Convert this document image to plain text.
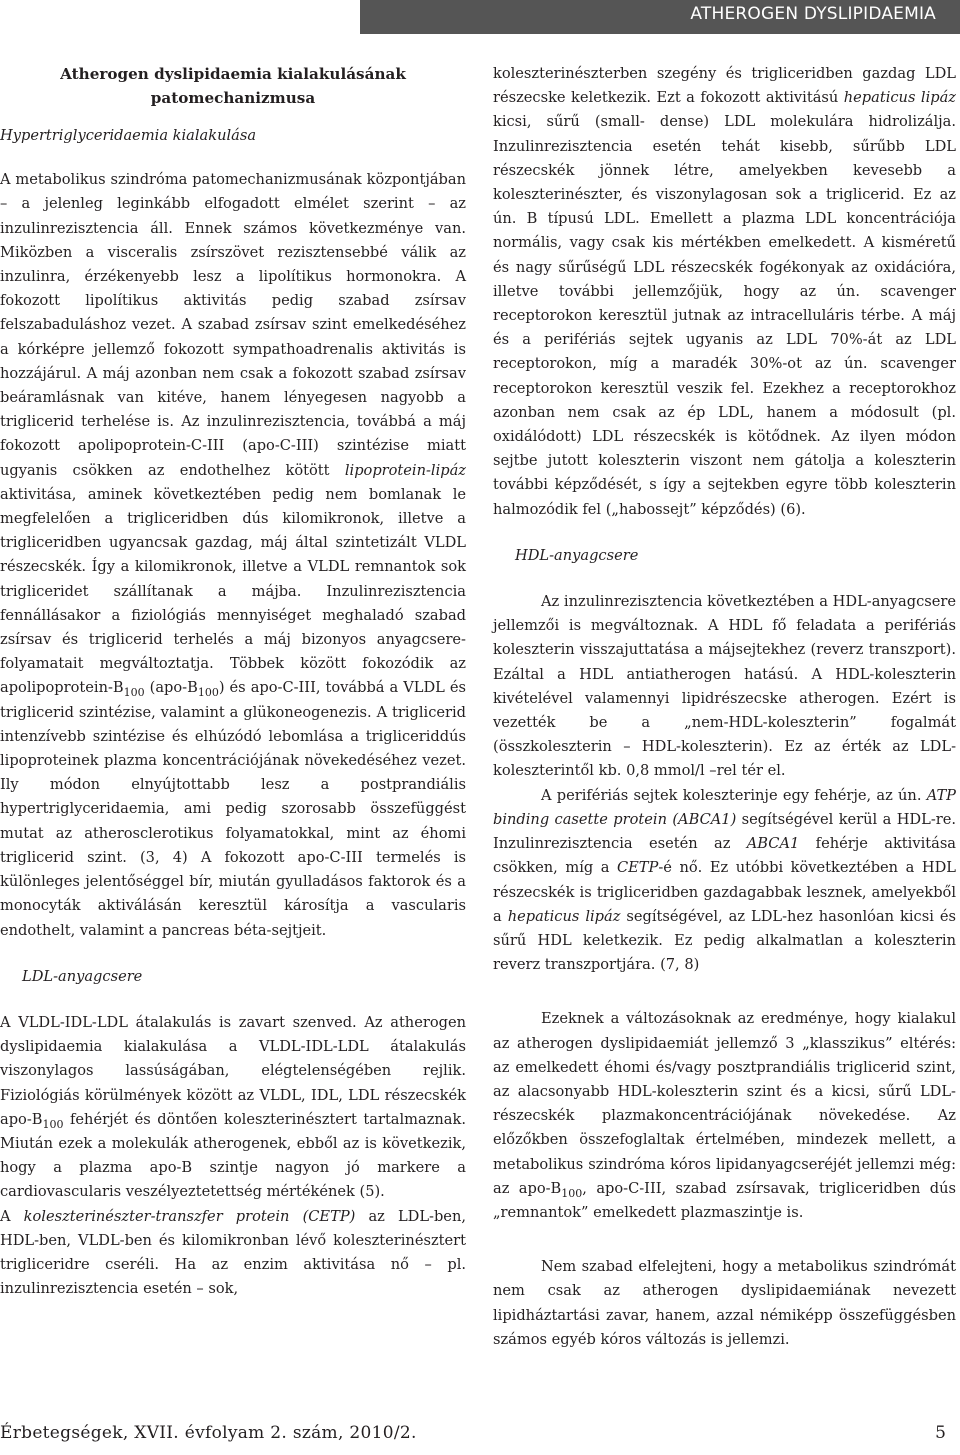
ATHEROGEN DYSLIPIDAEMIA
Atherogen dyslipidaemia kialakulásának patomechanizmusa

Hypertriglyceridaemia kialakulása

A metabolikus szindróma patomechanizmusának központjában – a jelenleg leginkább elfogadott elmélet szerint – az inzulinrezisztencia áll. Ennek számos következménye van. Miközben a visceralis zsírszövet rezisztensebbé válik az inzulinra, érzékenyebb lesz a lipolítikus hormonokra. A fokozott lipolítikus aktivitás pedig szabad zsírsav felszabaduláshoz vezet. A szabad zsírsav szint emelkedéséhez a kórképre jellemző fokozott sympathoadrenalis aktivitás is hozzájárul. A máj azonban nem csak a fokozott szabad zsírsav beáramlásnak van kitéve, hanem lényegesen nagyobb a triglicerid terhelése is. Az inzulinrezisztencia, továbbá a máj fokozott apolipoprotein-C-III (apo-C-III) szintézise miatt ugyanis csökken az endothelhez kötött lipoprotein-lipáz aktivitása, aminek következtében pedig nem bomlanak le megfelelően a trigliceridben dús kilomikronok, illetve a trigliceridben ugyancsak gazdag, máj által szintetizált VLDL részecskék. Így a kilomikronok, illetve a VLDL remnantok sok trigliceridet szállítanak a májba. Inzulinrezisztencia fennállásakor a fiziológiás mennyiséget meghaladó szabad zsírsav és triglicerid terhelés a máj bizonyos anyagcsere-folyamatait megváltoztatja. Többek között fokozódik az apolipoprotein-$B_{100}$ $(apo-B_{100})$ és apo-C-III, továbbá a VLDL és triglicerid szintézise, valamint a glükoneogenezis. A triglicerid intenzívebb szintézise és elhúzódó lebomlása a trigliceriddús lipoproteinek plazma koncentrációjának növekedéséhez vezet. Ily módon elnyújtottabb lesz a postprandiális hypertriglyceridaemia, ami pedig szorosabb összefüggést mutat az atherosclerotikus folyamatokkal, mint az éhomi triglicerid szint. (3, 4) A fokozott apo-C-III termelés is különleges jelentőséggel bír, miután gyulladásos faktorok és a monocyták aktiválásán keresztül károsítja a vascularis endothelt, valamint a pancreas béta-sejtjeit.

LDL-anyagcsere

A VLDL-IDL-LDL átalakulás is zavart szenved. Az atherogen dyslipidaemia kialakulása a VLDL-IDL-LDL átalakulás viszonylagos lassúságában, elégtelenségében rejlik. Fiziológiás körülmények között az VLDL, IDL, LDL részecskék apo-$B_{100}$ fehérjét és döntően koleszterinésztert tartalmaznak. Miután ezek a molekulák atherogenek, ebből az is következik, hogy a plazma apo-B szintje nagyon jó markere a cardiovascularis veszélyeztetettség mértékének (5).

A koleszterinészter-transzfer protein (CETP) az LDL-ben, HDL-ben, VLDL-ben és kilomikronban lévő koleszterinésztert trigliceridre cseréli. Ha az enzim aktivitása nő – pl. inzulinrezisztencia esetén – sok,

koleszterinészterben szegény és trigliceridben gazdag LDL részecske keletkezik. Ezt a fokozott aktivitású hepaticus lipáz kicsi, sűrű (small- dense) LDL molekulára hidrolizálja. Inzulinrezisztencia esetén tehát kisebb, sűrűbb LDL részecskék jönnek létre, amelyekben kevesebb a koleszterinészter, és viszonylagosan sok a triglicerid. Ez az ún. B típusú LDL. Emellett a plazma LDL koncentrációja normális, vagy csak kis mértékben emelkedett. A kisméretű és nagy sűrűségű LDL részecskék fogékonyak az oxidációra, illetve további jellemzőjük, hogy az ún. scavenger receptorokon keresztül jutnak az intracelluláris térbe. A máj és a perifériás sejtek ugyanis az LDL 70%-át az LDL receptorokon, míg a maradék 30%-ot az ún. scavenger receptorokon keresztül veszik fel. Ezekhez a receptorokhoz azonban nem csak az ép LDL, hanem a módosult (pl. oxidálódott) LDL részecskék is kötődnek. Az ilyen módon sejtbe jutott koleszterin viszont nem gátolja a koleszterin további képződését, s így a sejtekben egyre több koleszterin halmozódik fel („habossejt” képződés) (6).

HDL-anyagcsere

Az inzulinrezisztencia következtében a HDL-anyagcsere jellemzői is megváltoznak. A HDL fő feladata a perifériás koleszterin visszajuttatása a májsejtekhez (reverz transzport). Ezáltal a HDL antiatherogen hatású. A HDL-koleszterin kivételével valamennyi lipidrészecske atherogen. Ezért is vezették be a „nem-HDL-koleszterin” fogalmát (összkoleszterin – HDL-koleszterin). Ez az érték az LDL-koleszterintől kb. 0,8 mmol/l –rel tér el.

A perifériás sejtek koleszterinje egy fehérje, az ún. ATP binding casette protein (ABCA1) segítségével kerül a HDL-re. Inzulinrezisztencia esetén az ABCA1 fehérje aktivitása csökken, míg a CETP-é nő. Ez utóbbi következtében a HDL részecskék is trigliceridben gazdagabbak lesznek, amelyekből a hepaticus lipáz segítségével, az LDL-hez hasonlóan kicsi és sűrű HDL keletkezik. Ez pedig alkalmatlan a koleszterin reverz transzportjára. (7, 8)

Ezeknek a változásoknak az eredménye, hogy kialakul az atherogen dyslipidaemiát jellemző 3 „klasszikus” eltérés: az emelkedett éhomi és/vagy posztprandiális triglicerid szint, az alacsonyabb HDL-koleszterin szint és a kicsi, sűrű LDL-részecskék plazmakoncentrációjának növekedése. Az előzőkben összefoglaltak értelmében, mindezek mellett, a metabolikus szindróma kóros lipidanyagcseréjét jellemzi még: az apo-$B_{100}$, apo-C-III, szabad zsírsavak, trigliceridben dús „remnantok” emelkedett plazmaszintje is.

Nem szabad elfelejteni, hogy a metabolikus szindrómát nem csak az atherogen dyslipidaemiának nevezett lipidháztartási zavar, hanem, azzal némiképp összefüggésben számos egyéb kóros változás is jellemzi.

Érbetegségek, XVII. évfolyam 2. szám, 2010/2.	5
